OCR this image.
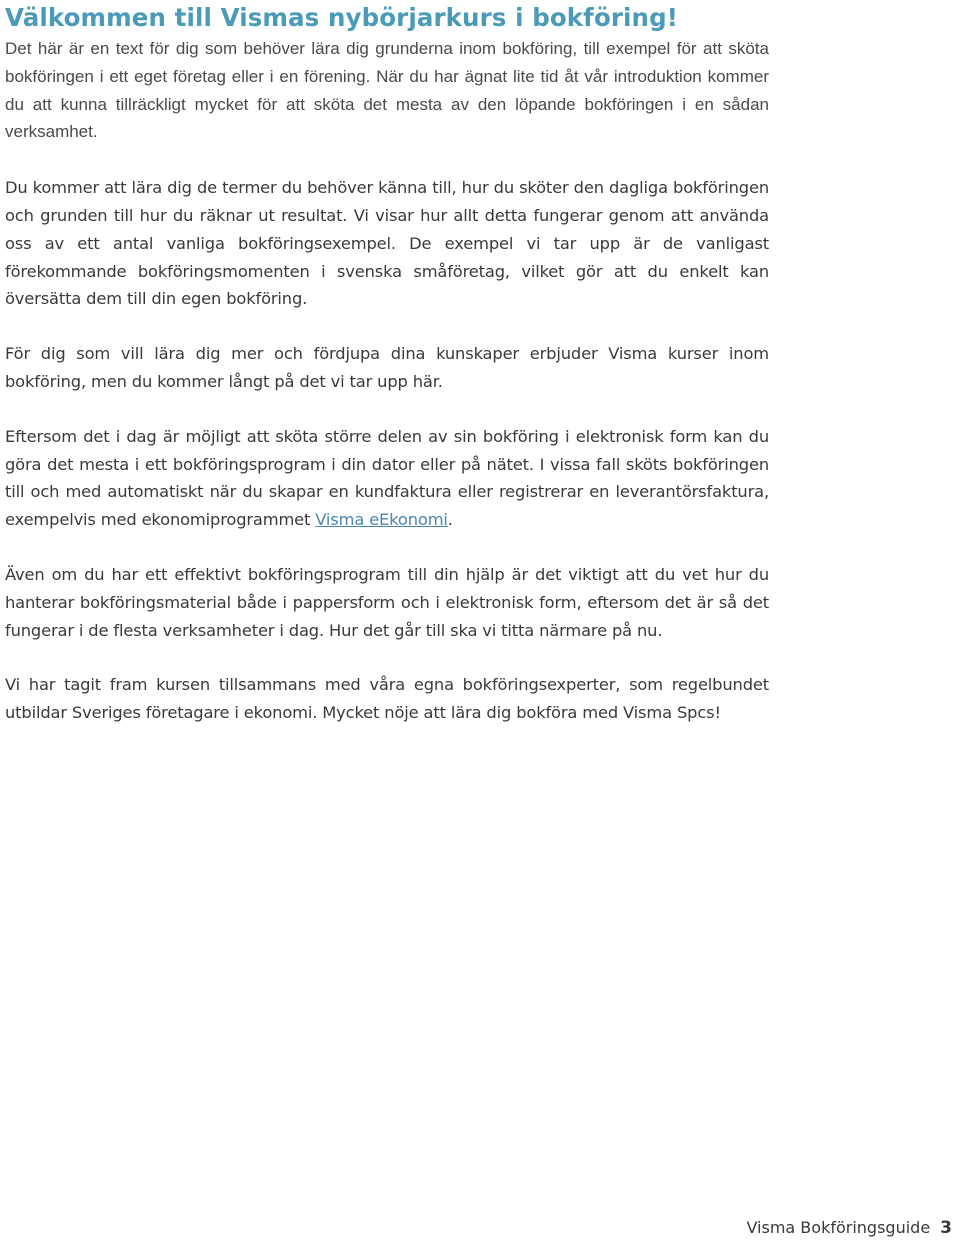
Välkommen till Vismas nybörjarkurs i bokföring!

Det här är en text för dig som behöver lära dig grunderna inom bokföring, till exempel för att sköta bokföringen i ett eget företag eller i en förening. När du har ägnat lite tid åt vår introduktion kommer du att kunna tillräckligt mycket för att sköta det mesta av den löpande bokföringen i en sådan verksamhet.

Du kommer att lära dig de termer du behöver känna till, hur du sköter den dagliga bokföringen och grunden till hur du räknar ut resultat. Vi visar hur allt detta fungerar genom att använda oss av ett antal vanliga bokföringsexempel. De exempel vi tar upp är de vanligast förekommande bokföringsmomenten i svenska småföretag, vilket gör att du enkelt kan översätta dem till din egen bokföring.

För dig som vill lära dig mer och fördjupa dina kunskaper erbjuder Visma kurser inom bokföring, men du kommer långt på det vi tar upp här.

Eftersom det i dag är möjligt att sköta större delen av sin bokföring i elektronisk form kan du göra det mesta i ett bokföringsprogram i din dator eller på nätet. I vissa fall sköts bokföringen till och med automatiskt när du skapar en kundfaktura eller registrerar en leverantörsfaktura, exempelvis med ekonomiprogrammet Visma eEkonomi.

Även om du har ett effektivt bokföringsprogram till din hjälp är det viktigt att du vet hur du hanterar bokföringsmaterial både i pappersform och i elektronisk form, eftersom det är så det fungerar i de flesta verksamheter i dag. Hur det går till ska vi titta närmare på nu.

Vi har tagit fram kursen tillsammans med våra egna bokföringsexperter, som regelbundet utbildar Sveriges företagare i ekonomi. Mycket nöje att lära dig bokföra med Visma Spcs!

Visma Bokföringsguide 3
